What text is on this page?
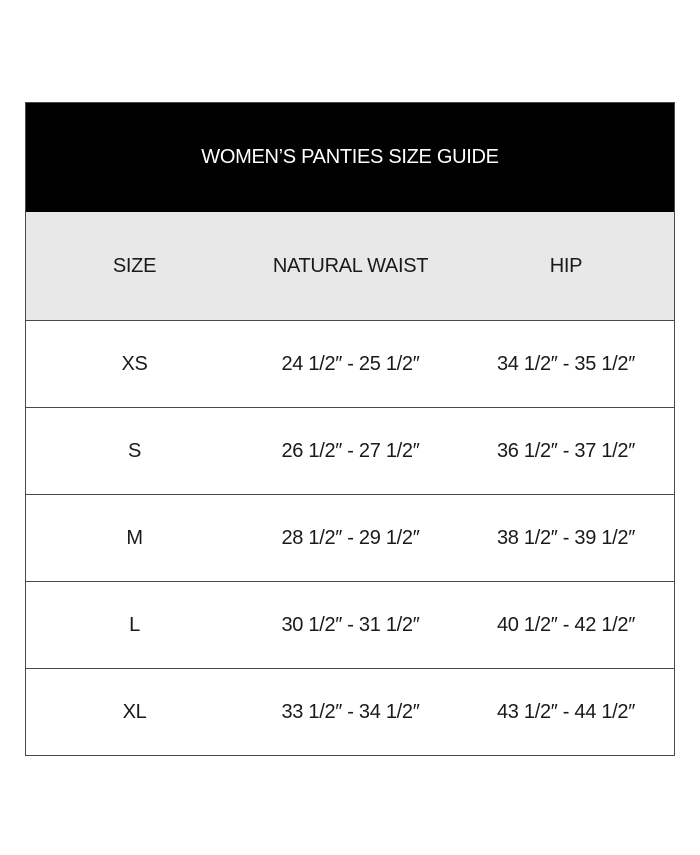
WOMEN’S PANTIES SIZE GUIDE
SIZE	NATURAL WAIST	HIP
XS	24 1/2″ - 25 1/2″	34 1/2″ - 35 1/2″
S	26 1/2″ - 27 1/2″	36 1/2″ - 37 1/2″
M	28 1/2″ - 29 1/2″	38 1/2″ - 39 1/2″
L	30 1/2″ - 31 1/2″	40 1/2″ - 42 1/2″
XL	33 1/2″ - 34 1/2″	43 1/2″ - 44 1/2″
